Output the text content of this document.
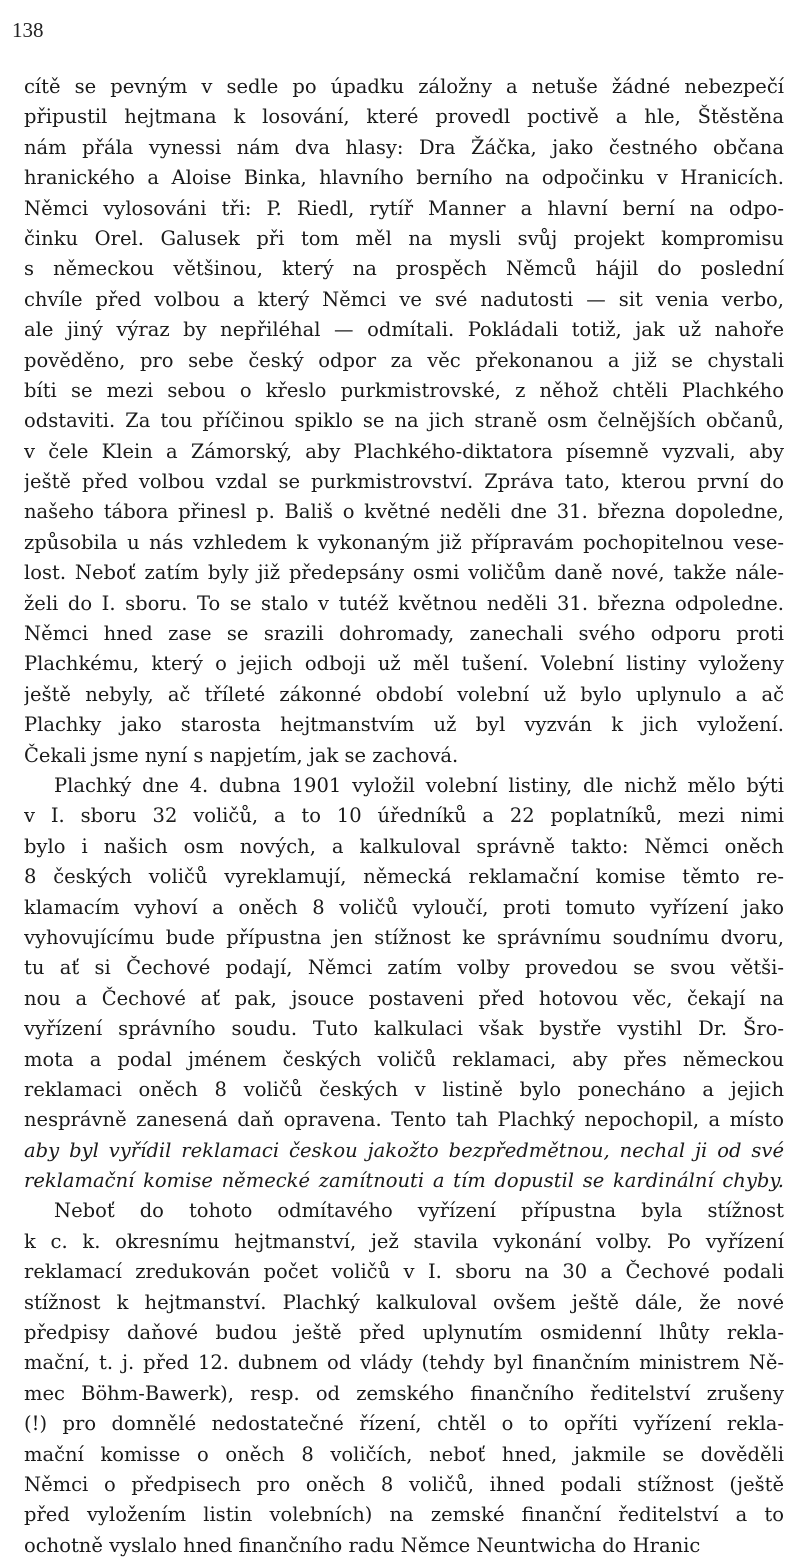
138
cítě se pevným v sedle po úpadku záložny a netuše žádné nebezpečí
připustil hejtmana k losování, které provedl poctivě a hle, Štěstěna
nám přála vynessi nám dva hlasy: Dra Žáčka, jako čestného občana
hranického a Aloise Binka, hlavního berního na odpočinku v Hranicích.
Němci vylosováni tři: P. Riedl, rytíř Manner a hlavní berní na odpo-
činku Orel. Galusek při tom měl na mysli svůj projekt kompromisu
s německou většinou, který na prospěch Němců hájil do poslední
chvíle před volbou a který Němci ve své nadutosti — sit venia verbo,
ale jiný výraz by nepřiléhal — odmítali. Pokládali totiž, jak už nahoře
pověděno, pro sebe český odpor za věc překonanou a již se chystali
bíti se mezi sebou o křeslo purkmistrovské, z něhož chtěli Plachkého
odstaviti. Za tou příčinou spiklo se na jich straně osm čelnějších občanů,
v čele Klein a Zámorský, aby Plachkého-diktatora písemně vyzvali, aby
ještě před volbou vzdal se purkmistrovství. Zpráva tato, kterou první do
našeho tábora přinesl p. Bališ o květné neděli dne 31. března dopoledne,
způsobila u nás vzhledem k vykonaným již přípravám pochopitelnou vese-
lost. Neboť zatím byly již předepsány osmi voličům daně nové, takže nále-
želi do I. sboru. To se stalo v tutéž květnou neděli 31. března odpoledne.
Němci hned zase se srazili dohromady, zanechali svého odporu proti
Plachkému, který o jejich odboji už měl tušení. Volební listiny vyloženy
ještě nebyly, ač tříleté zákonné období volební už bylo uplynulo a ač
Plachky jako starosta hejtmanstvím už byl vyzván k jich vyložení.
Čekali jsme nyní s napjetím, jak se zachová.
Plachký dne 4. dubna 1901 vyložil volební listiny, dle nichž mělo býti
v I. sboru 32 voličů, a to 10 úředníků a 22 poplatníků, mezi nimi
bylo i našich osm nových, a kalkuloval správně takto: Němci oněch
8 českých voličů vyreklamují, německá reklamační komise těmto re-
klamacím vyhoví a oněch 8 voličů vyloučí, proti tomuto vyřízení jako
vyhovujícímu bude přípustna jen stížnost ke správnímu soudnímu dvoru,
tu ať si Čechové podají, Němci zatím volby provedou se svou větši-
nou a Čechové ať pak, jsouce postaveni před hotovou věc, čekají na
vyřízení správního soudu. Tuto kalkulaci však bystře vystihl Dr. Šro-
mota a podal jménem českých voličů reklamaci, aby přes německou
reklamaci oněch 8 voličů českých v listině bylo ponecháno a jejich
nesprávně zanesená daň opravena. Tento tah Plachký nepochopil, a místo
aby byl vyřídil reklamaci českou jakožto bezpředmětnou, nechal ji od své
reklamační komise německé zamítnouti a tím dopustil se kardinální chyby.
Neboť do tohoto odmítavého vyřízení přípustna byla stížnost
k c. k. okresnímu hejtmanství, jež stavila vykonání volby. Po vyřízení
reklamací zredukován počet voličů v I. sboru na 30 a Čechové podali
stížnost k hejtmanství. Plachký kalkuloval ovšem ještě dále, že nové
předpisy daňové budou ještě před uplynutím osmidenní lhůty rekla-
mační, t. j. před 12. dubnem od vlády (tehdy byl finančním ministrem Ně-
mec Böhm-Bawerk), resp. od zemského finančního ředitelství zrušeny
(!) pro domnělé nedostatečné řízení, chtěl o to opříti vyřízení rekla-
mační komisse o oněch 8 voličích, neboť hned, jakmile se dověděli
Němci o předpisech pro oněch 8 voličů, ihned podali stížnost (ještě
před vyložením listin volebních) na zemské finanční ředitelství a to
ochotně vyslalo hned finančního radu Němce Neuntwicha do Hranic
